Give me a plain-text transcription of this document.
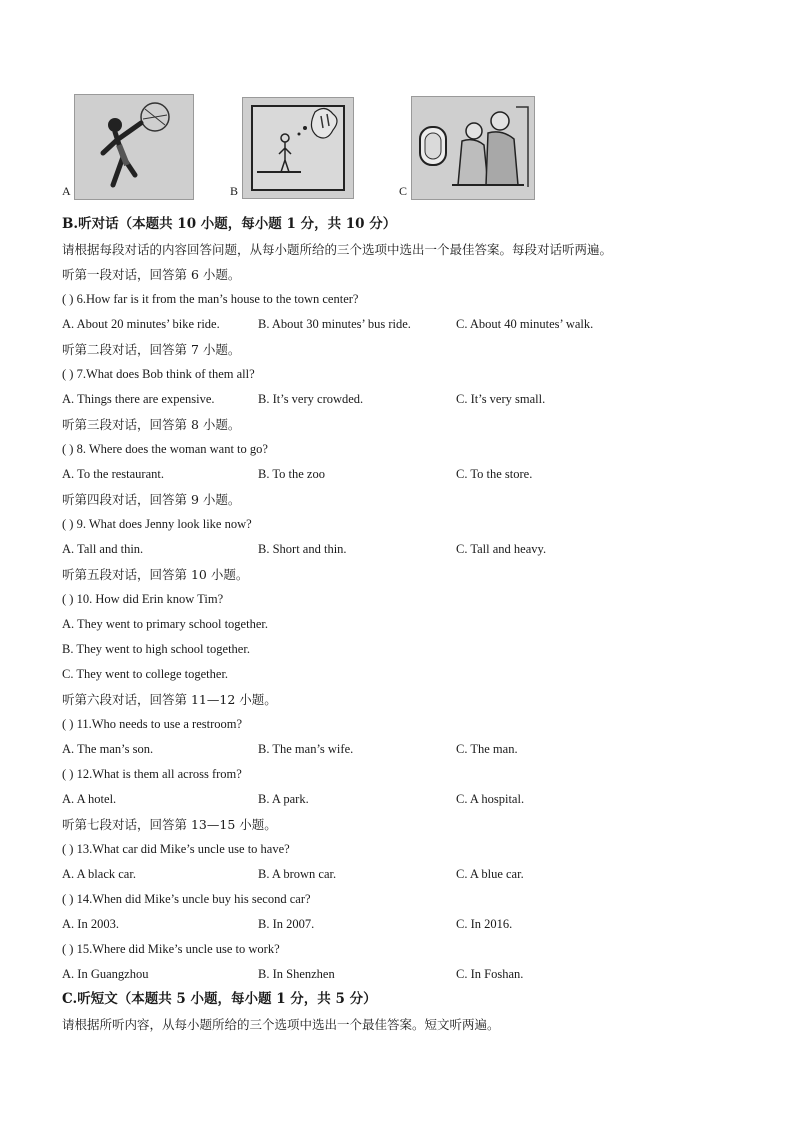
A	B	C
B.听对话（本题共 10 小题，每小题 1 分，共 10 分）
请根据每段对话的内容回答问题，从每小题所给的三个选项中选出一个最佳答案。每段对话听两遍。
听第一段对话，回答第 6 小题。
( ) 6.How far is it from the man’s house to the town center?
A. About 20 minutes’ bike ride.	B. About 30 minutes’ bus ride.	C. About 40 minutes’ walk.
听第二段对话，回答第 7 小题。
( ) 7.What does Bob think of them all?
A. Things there are expensive.	B. It’s very crowded.	C. It’s very small.
听第三段对话，回答第 8 小题。
( ) 8. Where does the woman want to go?
A. To the restaurant.	B. To the zoo	C. To the store.
听第四段对话，回答第 9 小题。
( ) 9. What does Jenny look like now?
A. Tall and thin.	B. Short and thin.	C. Tall and heavy.
听第五段对话，回答第 10 小题。
( ) 10. How did Erin know Tim?
A. They went to primary school together.
B. They went to high school together.
C. They went to college together.
听第六段对话，回答第 11—12 小题。
( ) 11.Who needs to use a restroom?
A. The man’s son.	B. The man’s wife.	C. The man.
( ) 12.What is them all across from?
A. A hotel.	B. A park.	C. A hospital.
听第七段对话，回答第 13—15 小题。
( ) 13.What car did Mike’s uncle use to have?
A. A black car.	B. A brown car.	C. A blue car.
( ) 14.When did Mike’s uncle buy his second car?
A. In 2003.	B. In 2007.	C. In 2016.
( ) 15.Where did Mike’s uncle use to work?
A. In Guangzhou	B. In Shenzhen	C. In Foshan.
C.听短文（本题共 5 小题，每小题 1 分，共 5 分）
请根据所听内容，从每小题所给的三个选项中选出一个最佳答案。短文听两遍。
